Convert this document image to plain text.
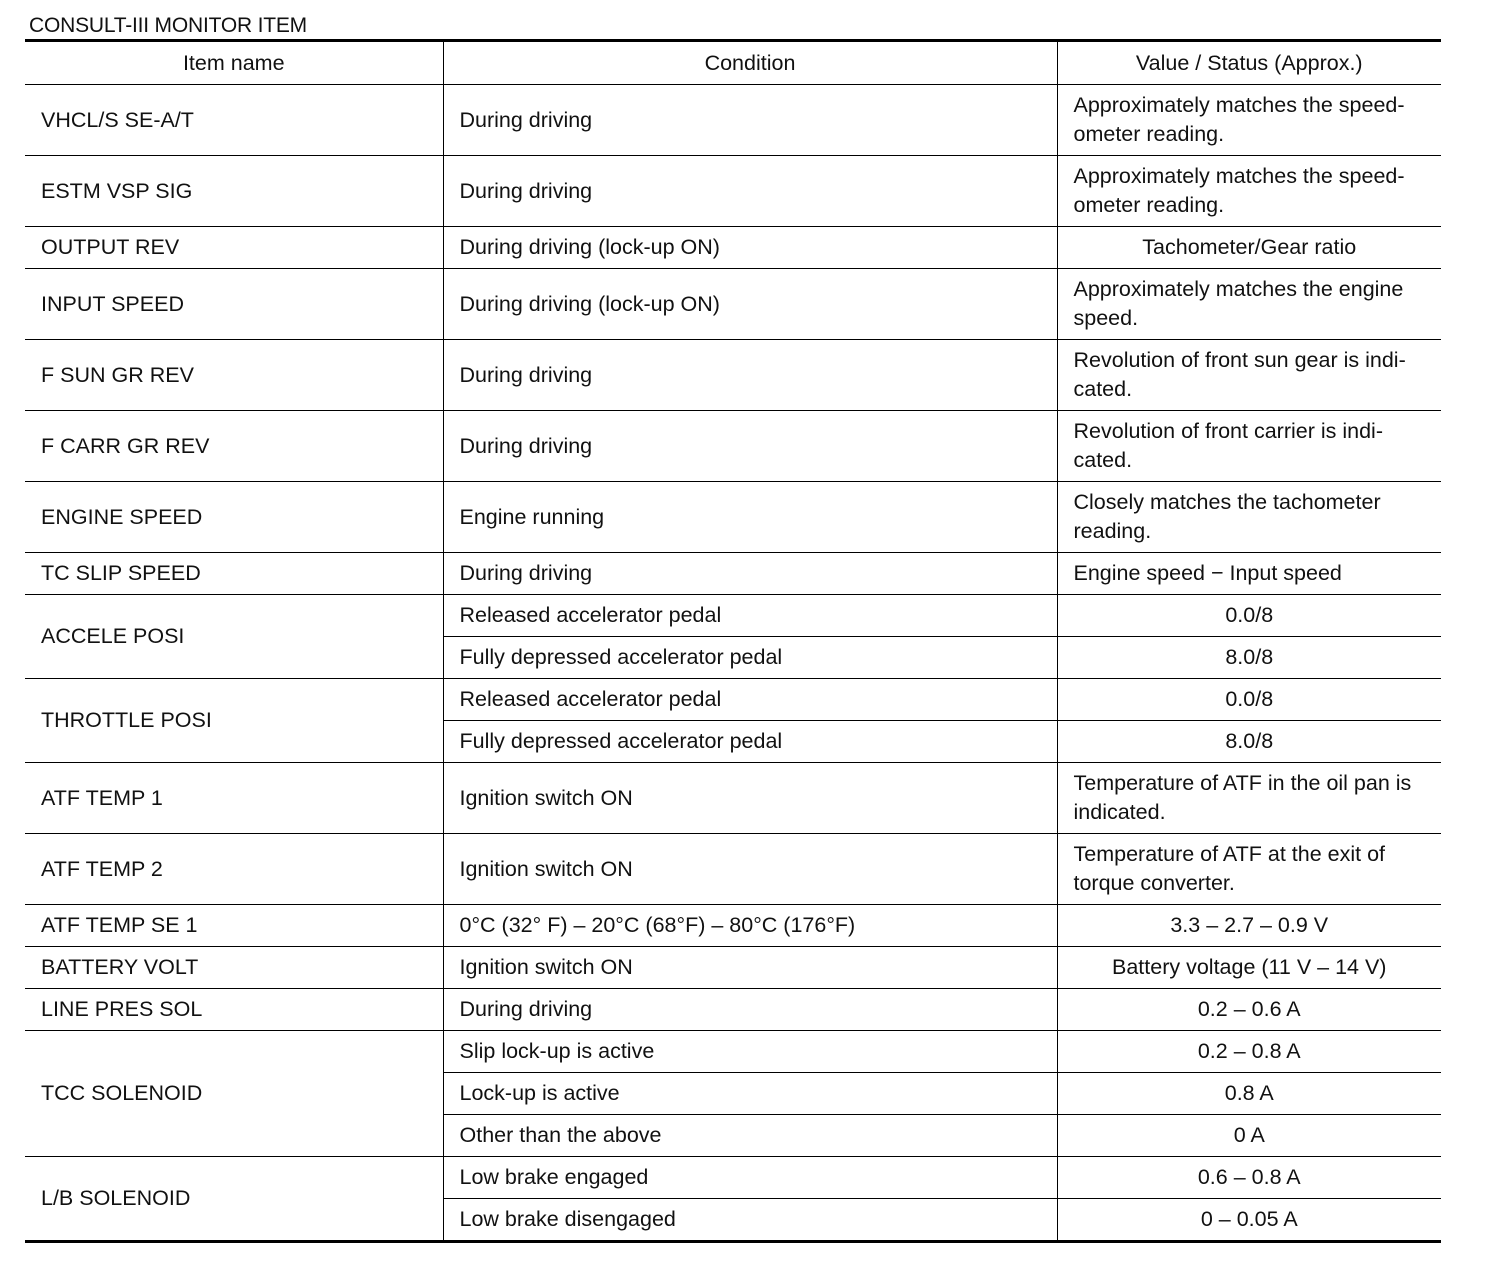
CONSULT-III MONITOR ITEM
Item name	Condition	Value / Status (Approx.)
VHCL/S SE-A/T	During driving	Approximately matches the speed-ometer reading.
ESTM VSP SIG	During driving	Approximately matches the speed-ometer reading.
OUTPUT REV	During driving (lock-up ON)	Tachometer/Gear ratio
INPUT SPEED	During driving (lock-up ON)	Approximately matches the engine speed.
F SUN GR REV	During driving	Revolution of front sun gear is indi-cated.
F CARR GR REV	During driving	Revolution of front carrier is indi-cated.
ENGINE SPEED	Engine running	Closely matches the tachometer reading.
TC SLIP SPEED	During driving	Engine speed − Input speed
ACCELE POSI	Released accelerator pedal	0.0/8
	Fully depressed accelerator pedal	8.0/8
THROTTLE POSI	Released accelerator pedal	0.0/8
	Fully depressed accelerator pedal	8.0/8
ATF TEMP 1	Ignition switch ON	Temperature of ATF in the oil pan is indicated.
ATF TEMP 2	Ignition switch ON	Temperature of ATF at the exit of torque converter.
ATF TEMP SE 1	0°C (32° F) – 20°C (68°F) – 80°C (176°F)	3.3 – 2.7 – 0.9 V
BATTERY VOLT	Ignition switch ON	Battery voltage (11 V – 14 V)
LINE PRES SOL	During driving	0.2 – 0.6 A
TCC SOLENOID	Slip lock-up is active	0.2 – 0.8 A
	Lock-up is active	0.8 A
	Other than the above	0 A
L/B SOLENOID	Low brake engaged	0.6 – 0.8 A
	Low brake disengaged	0 – 0.05 A
